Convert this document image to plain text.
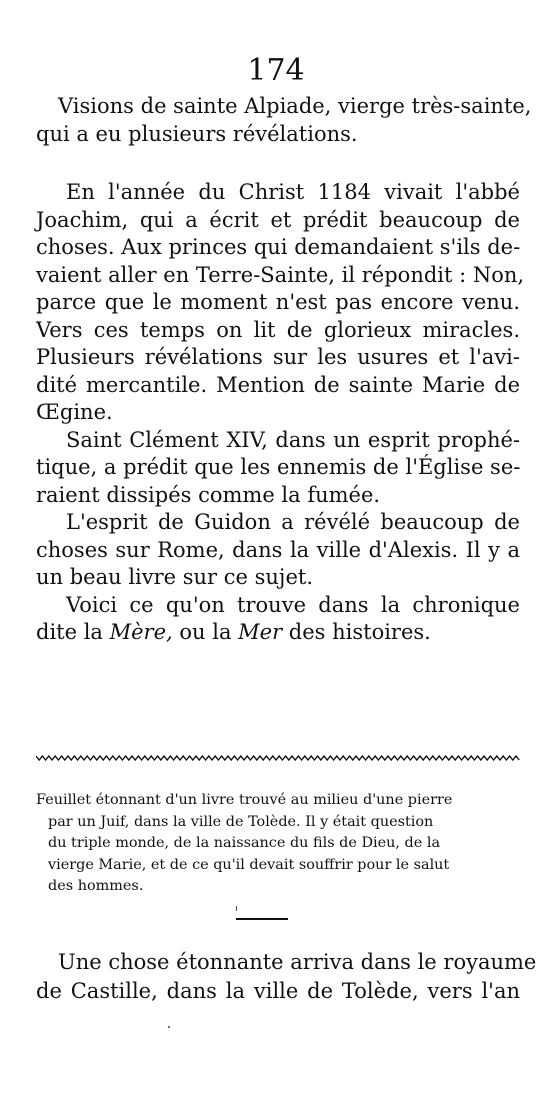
174
Visions de sainte Alpiade, vierge très-sainte,
qui a eu plusieurs révélations.
En l'année du Christ 1184 vivait l'abbé
Joachim, qui a écrit et prédit beaucoup de
choses. Aux princes qui demandaient s'ils de-
vaient aller en Terre-Sainte, il répondit : Non,
parce que le moment n'est pas encore venu.
Vers ces temps on lit de glorieux miracles.
Plusieurs révélations sur les usures et l'avi-
dité mercantile. Mention de sainte Marie de
Œgine.
Saint Clément XIV, dans un esprit prophé-
tique, a prédit que les ennemis de l'Église se-
raient dissipés comme la fumée.
L'esprit de Guidon a révélé beaucoup de
choses sur Rome, dans la ville d'Alexis. Il y a
un beau livre sur ce sujet.
Voici ce qu'on trouve dans la chronique
dite la Mère, ou la Mer des histoires.
Feuillet étonnant d'un livre trouvé au milieu d'une pierre
par un Juif, dans la ville de Tolède. Il y était question
du triple monde, de la naissance du fils de Dieu, de la
vierge Marie, et de ce qu'il devait souffrir pour le salut
des hommes.
Une chose étonnante arriva dans le royaume
de Castille, dans la ville de Tolède, vers l'an
